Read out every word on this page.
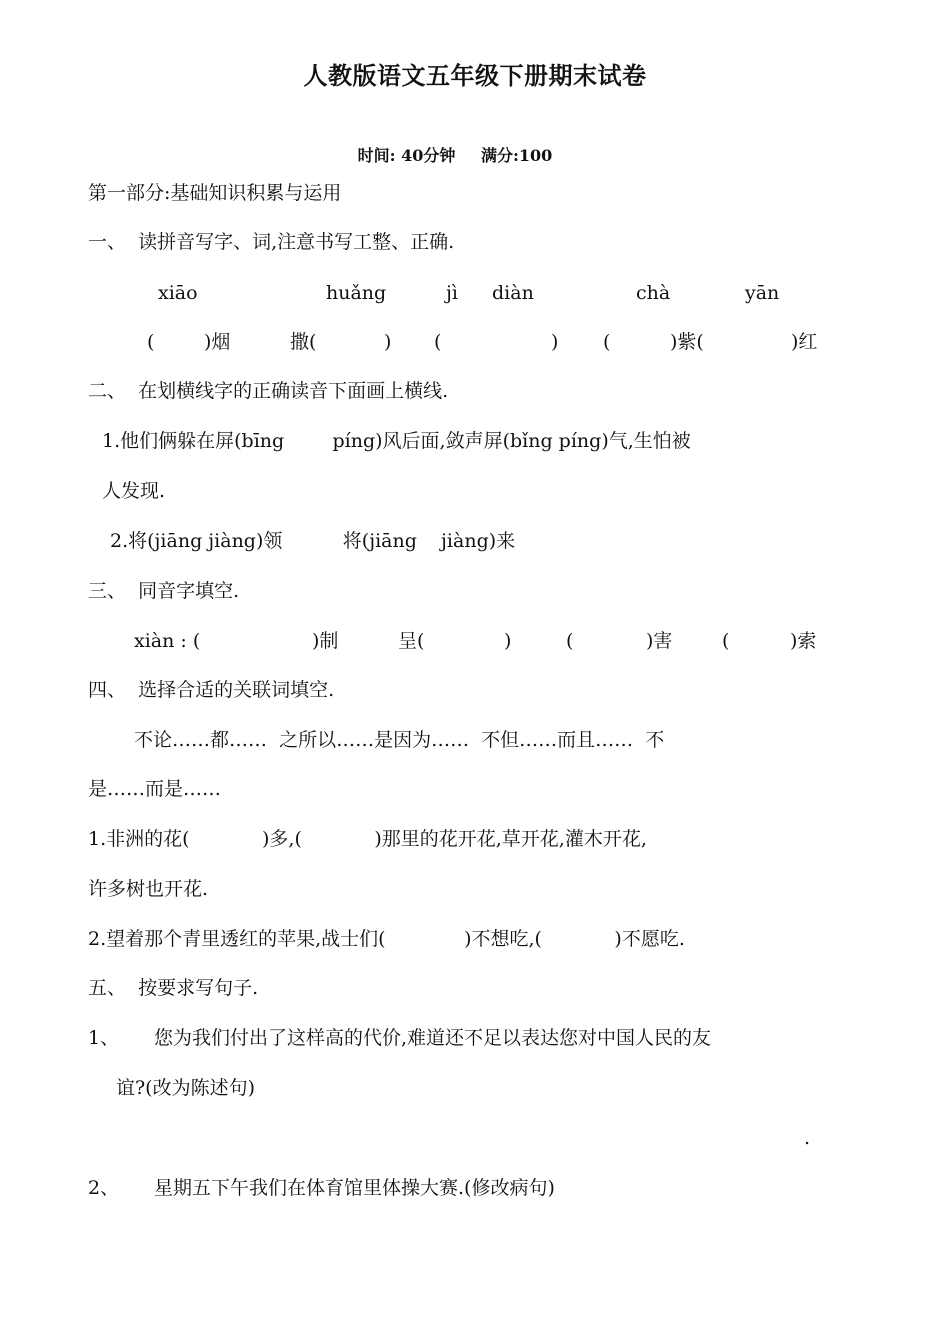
人教版语文五年级下册期末试卷
时间: 40分钟 满分:100
第一部分:基础知识积累与运用
一、  读拼音写字、词,注意书写工整、正确.
xiāo	huǎng	jì diàn	chà	yān
(	)烟	撒(	) (	) (	)紫(	)红
二、  在划横线字的正确读音下面画上横线.
1.他们俩躲在屏(bīng        píng)风后面,敛声屏(bǐng píng)气,生怕被
人发现.
2.将(jiāng jiàng)领          将(jiāng    jiàng)来
三、  同音字填空.
xiàn : (	)制	呈(	)	(	)害	(	)索
四、  选择合适的关联词填空.
不论……都……  之所以……是因为……  不但……而且……  不
是……而是……
1.非洲的花(            )多,(            )那里的花开花,草开花,灌木开花,
许多树也开花.
2.望着那个青里透红的苹果,战士们(             )不想吃,(            )不愿吃.
五、  按要求写句子.
1、 您为我们付出了这样高的代价,难道还不足以表达您对中国人民的友
谊?(改为陈述句)
.
2、 星期五下午我们在体育馆里体操大赛.(修改病句)
